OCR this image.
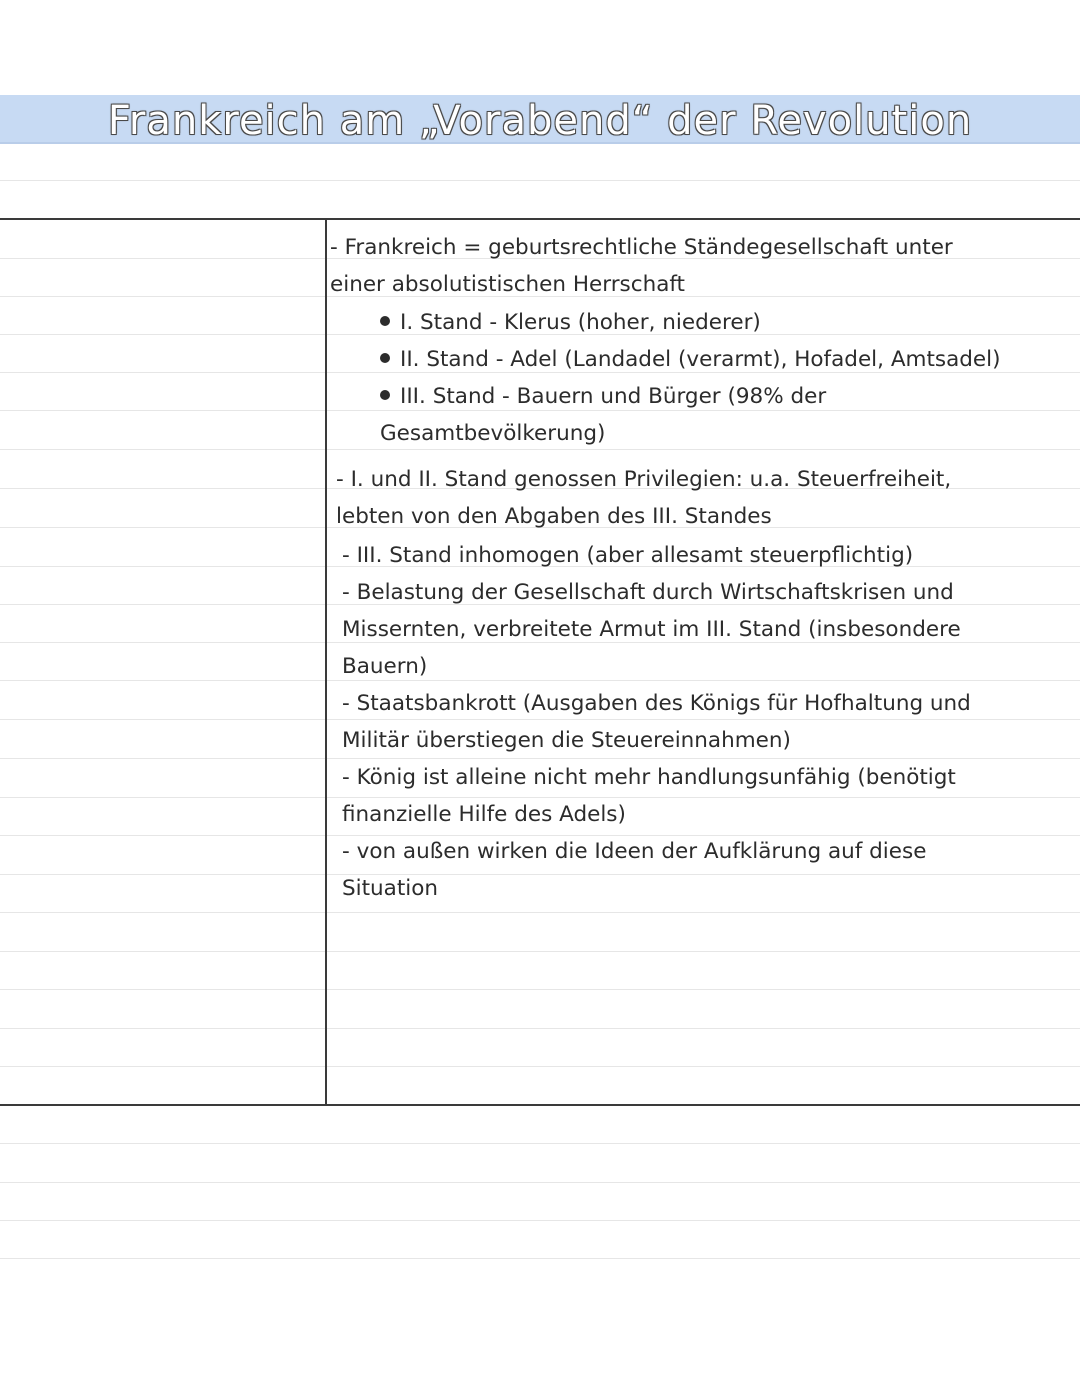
Frankreich am „Vorabend“ der Revolution
- Frankreich = geburtsrechtliche Ständegesellschaft unter
einer absolutistischen Herrschaft
I. Stand - Klerus (hoher, niederer)
II. Stand - Adel (Landadel (verarmt), Hofadel, Amtsadel)
III. Stand - Bauern und Bürger (98% der
Gesamtbevölkerung)
- I. und II. Stand genossen Privilegien: u.a. Steuerfreiheit,
lebten von den Abgaben des III. Standes
- III. Stand inhomogen (aber allesamt steuerpflichtig)
- Belastung der Gesellschaft durch Wirtschaftskrisen und
Missernten, verbreitete Armut im III. Stand (insbesondere
Bauern)
- Staatsbankrott (Ausgaben des Königs für Hofhaltung und
Militär überstiegen die Steuereinnahmen)
- König ist alleine nicht mehr handlungsunfähig (benötigt
finanzielle Hilfe des Adels)
- von außen wirken die Ideen der Aufklärung auf diese
Situation
